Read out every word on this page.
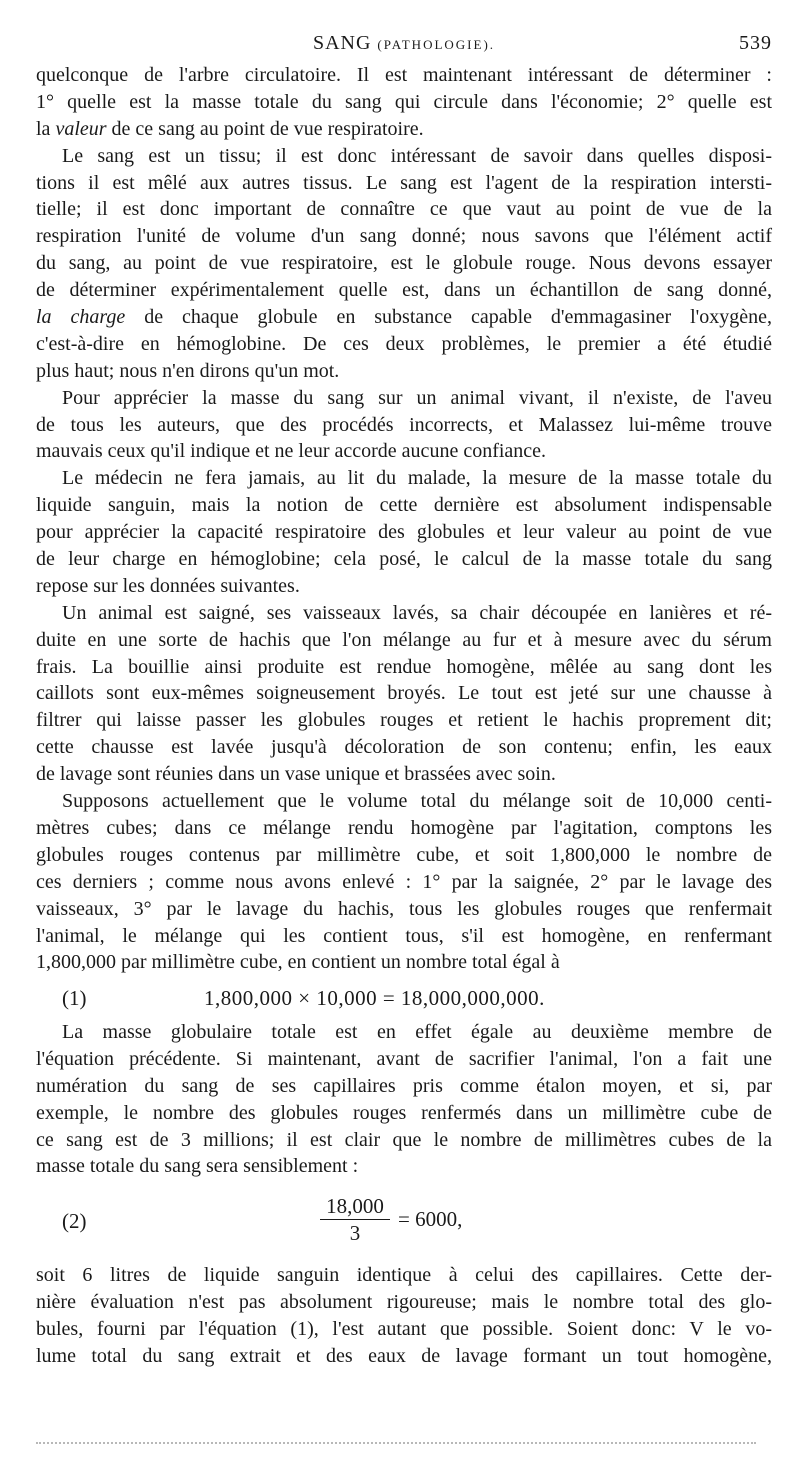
SANG (PATHOLOGIE).	539
quelconque de l'arbre circulatoire. Il est maintenant intéressant de déterminer :
1° quelle est la masse totale du sang qui circule dans l'économie; 2° quelle est
la valeur de ce sang au point de vue respiratoire.
Le sang est un tissu; il est donc intéressant de savoir dans quelles disposi-
tions il est mêlé aux autres tissus. Le sang est l'agent de la respiration intersti-
tielle; il est donc important de connaître ce que vaut au point de vue de la
respiration l'unité de volume d'un sang donné; nous savons que l'élément actif
du sang, au point de vue respiratoire, est le globule rouge. Nous devons essayer
de déterminer expérimentalement quelle est, dans un échantillon de sang donné,
la charge de chaque globule en substance capable d'emmagasiner l'oxygène,
c'est-à-dire en hémoglobine. De ces deux problèmes, le premier a été étudié
plus haut; nous n'en dirons qu'un mot.
Pour apprécier la masse du sang sur un animal vivant, il n'existe, de l'aveu
de tous les auteurs, que des procédés incorrects, et Malassez lui-même trouve
mauvais ceux qu'il indique et ne leur accorde aucune confiance.
Le médecin ne fera jamais, au lit du malade, la mesure de la masse totale du
liquide sanguin, mais la notion de cette dernière est absolument indispensable
pour apprécier la capacité respiratoire des globules et leur valeur au point de vue
de leur charge en hémoglobine; cela posé, le calcul de la masse totale du sang
repose sur les données suivantes.
Un animal est saigné, ses vaisseaux lavés, sa chair découpée en lanières et ré-
duite en une sorte de hachis que l'on mélange au fur et à mesure avec du sérum
frais. La bouillie ainsi produite est rendue homogène, mêlée au sang dont les
caillots sont eux-mêmes soigneusement broyés. Le tout est jeté sur une chausse à
filtrer qui laisse passer les globules rouges et retient le hachis proprement dit;
cette chausse est lavée jusqu'à décoloration de son contenu; enfin, les eaux
de lavage sont réunies dans un vase unique et brassées avec soin.
Supposons actuellement que le volume total du mélange soit de 10,000 centi-
mètres cubes; dans ce mélange rendu homogène par l'agitation, comptons les
globules rouges contenus par millimètre cube, et soit 1,800,000 le nombre de
ces derniers ; comme nous avons enlevé : 1° par la saignée, 2° par le lavage des
vaisseaux, 3° par le lavage du hachis, tous les globules rouges que renfermait
l'animal, le mélange qui les contient tous, s'il est homogène, en renfermant
1,800,000 par millimètre cube, en contient un nombre total égal à
(1)	1,800,000 × 10,000 = 18,000,000,000.
La masse globulaire totale est en effet égale au deuxième membre de
l'équation précédente. Si maintenant, avant de sacrifier l'animal, l'on a fait une
numération du sang de ses capillaires pris comme étalon moyen, et si, par
exemple, le nombre des globules rouges renfermés dans un millimètre cube de
ce sang est de 3 millions; il est clair que le nombre de millimètres cubes de la
masse totale du sang sera sensiblement :
(2)	$\frac{18,000}{3} = 6000$,
soit 6 litres de liquide sanguin identique à celui des capillaires. Cette der-
nière évaluation n'est pas absolument rigoureuse; mais le nombre total des glo-
bules, fourni par l'équation (1), l'est autant que possible. Soient donc: V le vo-
lume total du sang extrait et des eaux de lavage formant un tout homogène,
